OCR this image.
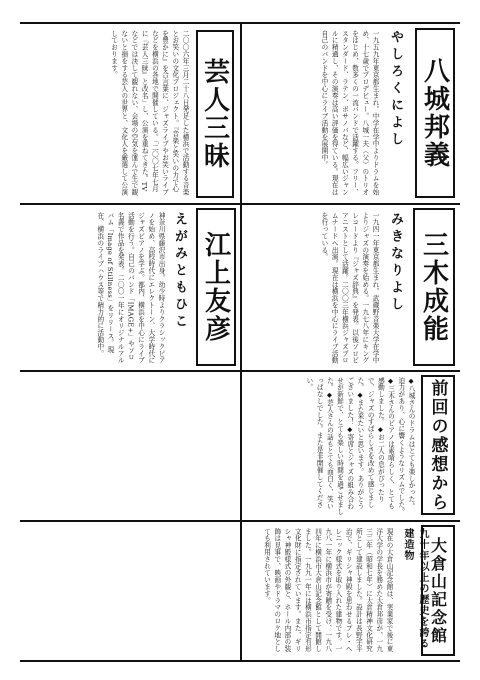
八城邦義
やしろくによし
一九五九年東京都生まれ。中学在学中よりドラムを始め、十七歳でプロデビュー。八城一夫（父）のトリオをはじめ、数多くの一流バンドで活躍する。フリー、スタンダード、ラテン、ボサノバなど、幅広いジャンルに精通し、その演奏は高い評価を得ている。現在は自己のバンドを中心にライブ活動を展開中。
芸人三昧
二〇〇六年三月二十八日発足した横浜で活動する音楽とお笑いの文化プロジェクト。『音楽と笑いの力で心を豊かに』を合言葉に、ジャズライブやお笑いライブなどを横浜の各地で開催している。「二〇〇七年七月に『芸人三昧』と改名」し、公演を重ねてきた。TVなどでは決して観れない、会場の空気を運んで生で観ないと損をする芸人の世界と、文化人を厳選して公演しております。
三木成能
みきなりよし
一九四一年東京都生まれ。武蔵野音楽大学在学中よりジャズの演奏を始める。一九七八年にキングレコードより『ジャズ辞典』を発表。以後ソロピアニストとして活躍。二〇〇三年横浜ジャズプロムナードへ出演。現在は横浜を中心にライブ活動を行っている。
江上友彦
えがみともひこ
神奈川県藤沢市出身。幼少時よりクラシックピアノを始め、高校時代にエレクトーン、大学時代にジャズピアノを学ぶ。都内、横浜を中心にライブ活動を行う。自己のバンド「IMAGE+」やソロ名義で作品を発表。二〇〇一年にオリジナルアルバム「Image of Stillness」をリリース。現在、横浜のライブハウス等で精力的に活動中。
前回の感想から
◆八城さんのドラムはとても楽しかった。迫力があり、心に響くようなリズムでした。◆三木さんのピアノは素晴らしく、とても感動しました。◆お二人の息がぴったりで、ジャズのすばらしさを改めて感じました。◆また来たいと思います。ありがとうございました！◆寄席とジャズの組み合わせが新鮮で、とても楽しい時間を過ごせました。◆芸人さんの話もとても面白く、笑いっぱなしでした。また是非開催してください。
大倉山記念館
九十年以上の歴史を誇る建造物
現在の大倉山記念館は、実業家で後に東洋大学の学長を務めた大倉邦彦が、一九三二年（昭和七年）に大倉精神文化研究所として建設しました。設計は長野宇平治で、ギリシャ神殿を思わせるプレ・ヘレニック様式を取り入れた建物です。一九八一年に横浜市が寄贈を受け、一九八四年に横浜市大倉山記念館として開館しました。一九九一年には横浜市指定有形文化財に指定されています。また、ギリシャ神殿様式の外観と、ホール内部の装飾は見事で、映画やドラマのロケ地としても利用されています。
